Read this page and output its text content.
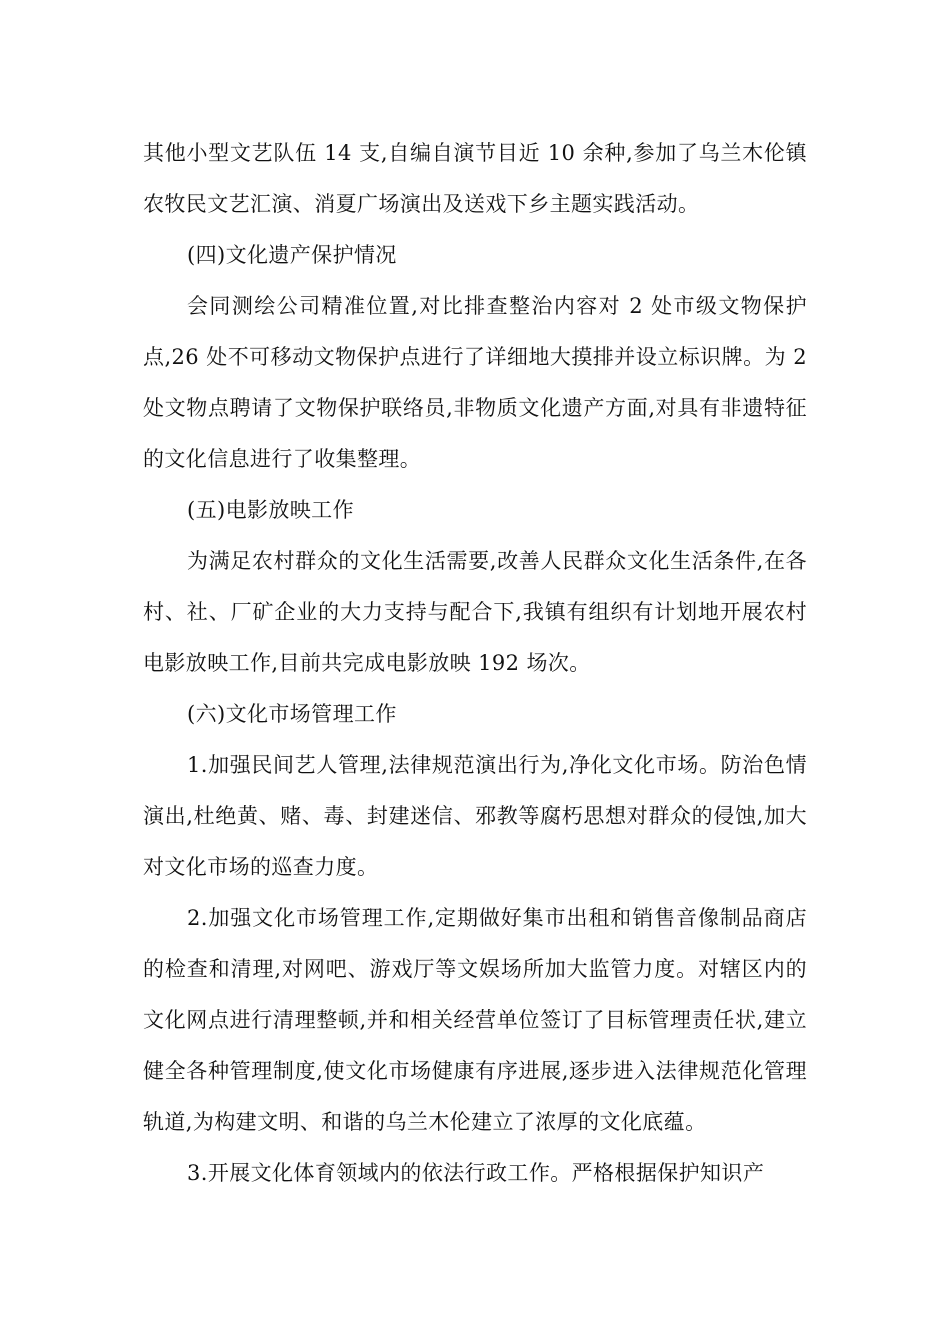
其他小型文艺队伍 14 支,自编自演节目近 10 余种,参加了乌兰木伦镇农牧民文艺汇演、消夏广场演出及送戏下乡主题实践活动。

(四)文化遗产保护情况

会同测绘公司精准位置,对比排查整治内容对 2 处市级文物保护点,26 处不可移动文物保护点进行了详细地大摸排并设立标识牌。为 2 处文物点聘请了文物保护联络员,非物质文化遗产方面,对具有非遗特征的文化信息进行了收集整理。

(五)电影放映工作

为满足农村群众的文化生活需要,改善人民群众文化生活条件,在各村、社、厂矿企业的大力支持与配合下,我镇有组织有计划地开展农村电影放映工作,目前共完成电影放映 192 场次。

(六)文化市场管理工作

1.加强民间艺人管理,法律规范演出行为,净化文化市场。防治色情演出,杜绝黄、赌、毒、封建迷信、邪教等腐朽思想对群众的侵蚀,加大对文化市场的巡查力度。

2.加强文化市场管理工作,定期做好集市出租和销售音像制品商店的检查和清理,对网吧、游戏厅等文娱场所加大监管力度。对辖区内的文化网点进行清理整顿,并和相关经营单位签订了目标管理责任状,建立健全各种管理制度,使文化市场健康有序进展,逐步进入法律规范化管理轨道,为构建文明、和谐的乌兰木伦建立了浓厚的文化底蕴。

3.开展文化体育领域内的依法行政工作。严格根据保护知识产
